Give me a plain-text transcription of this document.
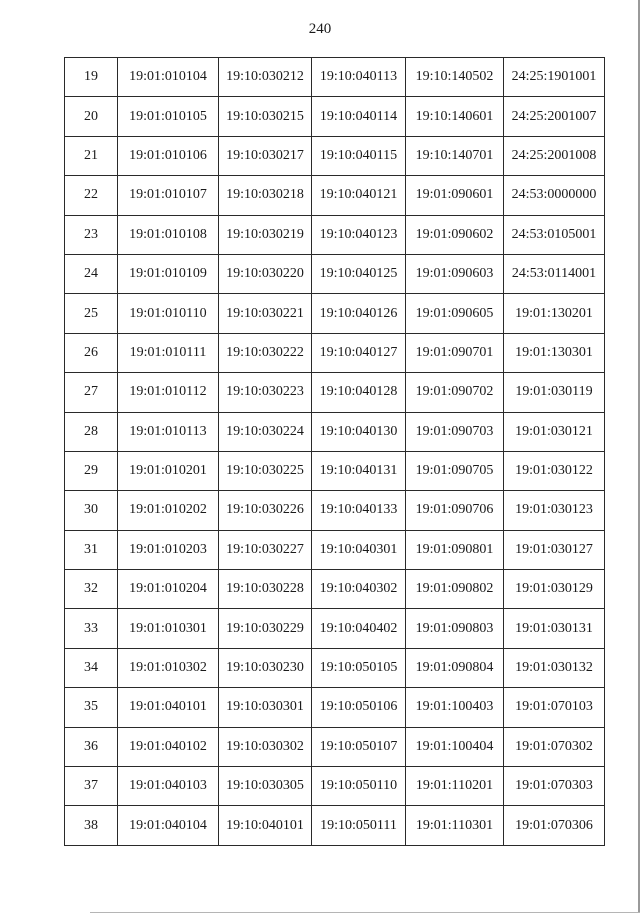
240
19	19:01:010104	19:10:030212	19:10:040113	19:10:140502	24:25:1901001
20	19:01:010105	19:10:030215	19:10:040114	19:10:140601	24:25:2001007
21	19:01:010106	19:10:030217	19:10:040115	19:10:140701	24:25:2001008
22	19:01:010107	19:10:030218	19:10:040121	19:01:090601	24:53:0000000
23	19:01:010108	19:10:030219	19:10:040123	19:01:090602	24:53:0105001
24	19:01:010109	19:10:030220	19:10:040125	19:01:090603	24:53:0114001
25	19:01:010110	19:10:030221	19:10:040126	19:01:090605	19:01:130201
26	19:01:010111	19:10:030222	19:10:040127	19:01:090701	19:01:130301
27	19:01:010112	19:10:030223	19:10:040128	19:01:090702	19:01:030119
28	19:01:010113	19:10:030224	19:10:040130	19:01:090703	19:01:030121
29	19:01:010201	19:10:030225	19:10:040131	19:01:090705	19:01:030122
30	19:01:010202	19:10:030226	19:10:040133	19:01:090706	19:01:030123
31	19:01:010203	19:10:030227	19:10:040301	19:01:090801	19:01:030127
32	19:01:010204	19:10:030228	19:10:040302	19:01:090802	19:01:030129
33	19:01:010301	19:10:030229	19:10:040402	19:01:090803	19:01:030131
34	19:01:010302	19:10:030230	19:10:050105	19:01:090804	19:01:030132
35	19:01:040101	19:10:030301	19:10:050106	19:01:100403	19:01:070103
36	19:01:040102	19:10:030302	19:10:050107	19:01:100404	19:01:070302
37	19:01:040103	19:10:030305	19:10:050110	19:01:110201	19:01:070303
38	19:01:040104	19:10:040101	19:10:050111	19:01:110301	19:01:070306
